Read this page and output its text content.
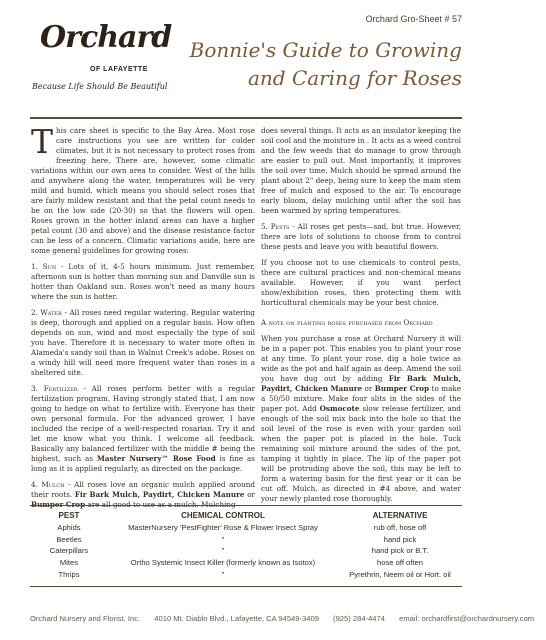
Orchard
OF LAFAYETTE
Because Life Should Be Beautiful
Orchard Gro-Sheet # 57
Bonnie's Guide to Growing
and Caring for Roses

This care sheet is specific to the Bay Area. Most rose care instructions you see are written for colder climates, but it is not necessary to protect roses from freezing here. There are, however, some climatic variations within our own area to consider. West of the hills and anywhere along the water, temperatures will be very mild and humid, which means you should select roses that are fairly mildew resistant and that the petal count needs to be on the low side (20-30) so that the flowers will open. Roses grown in the hotter inland areas can have a higher petal count (30 and above) and the disease resistance factor can be less of a concern. Climatic variations aside, here are some general guidelines for growing roses:

1. Sun - Lots of it, 4-5 hours minimum. Just remember, afternoon sun is hotter than morning sun and Danville sun is hotter than Oakland sun. Roses won't need as many hours where the sun is hotter.

2. Water - All roses need regular watering. Regular watering is deep, thorough and applied on a regular basis. How often depends on sun, wind and most especially the type of soil you have. Therefore it is necessary to water more often in Alameda's sandy soil than in Walnut Creek's adobe. Roses on a windy hill will need more frequent water than roses in a sheltered site.

3. Fertilizer - All roses perform better with a regular fertilization program. Having strongly stated that, I am now going to hedge on what to fertilize with. Everyone has their own personal formula. For the advanced grower, I have included the recipe of a well-respected rosarian. Try it and let me know what you think. I welcome all feedback. Basically any balanced fertilizer with the middle # being the highest, such as Master Nursery™ Rose Food is fine as long as it is applied regularly, as directed on the package.

4. Mulch - All roses love an organic mulch applied around their roots. Fir Bark Mulch, Paydirt, Chicken Manure or

does several things. It acts as an insulator keeping the soil cool and the moisture in . It acts as a weed control and the few weeds that do manage to grow through are easier to pull out. Most importantly, it improves the soil over time. Mulch should be spread around the plant about 2" deep, being sure to keep the main stem free of mulch and exposed to the air. To encourage early bloom, delay mulching until after the soil has been warmed by spring temperatures.

5. Pests - All roses get pests—sad, but true. However, there are lots of solutions to choose from to control these pests and leave you with beautiful flowers.

If you choose not to use chemicals to control pests, there are cultural practices and non-chemical means available. However, if you want perfect show/exhibition roses, then protecting them with horticultural chemicals may be your best choice.

A note on planting roses purchased from Orchard

When you purchase a rose at Orchard Nursery it will be in a paper pot. This enables you to plant your rose at any time. To plant your rose, dig a hole twice as wide as the pot and half again as deep. Amend the soil you have dug out by adding Fir Bark Mulch, Paydirt, Chicken Manure or Bumper Crop to make a 50/50 mixture. Make four slits in the sides of the paper pot. Add Osmocote slow release fertilizer, and enough of the soil mix back into the hole so that the soil level of the rose is even with your garden soil when the paper pot is placed in the hole. Tuck remaining soil mixture around the sides of the pot, tamping it tightly in place. The lip of the paper pot will be protruding above the soil, this may be left to form a watering basin for the first year or it can be cut off. Mulch, as directed in #4 above, and water your newly planted rose thoroughly.

PEST	CHEMICAL CONTROL	ALTERNATIVE
Aphids	MasterNursery 'PestFighter' Rose & Flower Insect Spray	rub off, hose off
Beetles	"	hand pick
Caterpillars	"	hand pick or B.T.
Mites	Ortho Systemic Insect Killer (formerly known as Isotox)	hose off often
Thrips	"	Pyrethrin, Neem oil or Hort. oil
Orchard Nursery and Florist, Inc. 4010 Mt. Diablo Blvd., Lafayette, CA 94549-3409 (925) 284-4474 email: orchardfirst@orchardnursery.com
